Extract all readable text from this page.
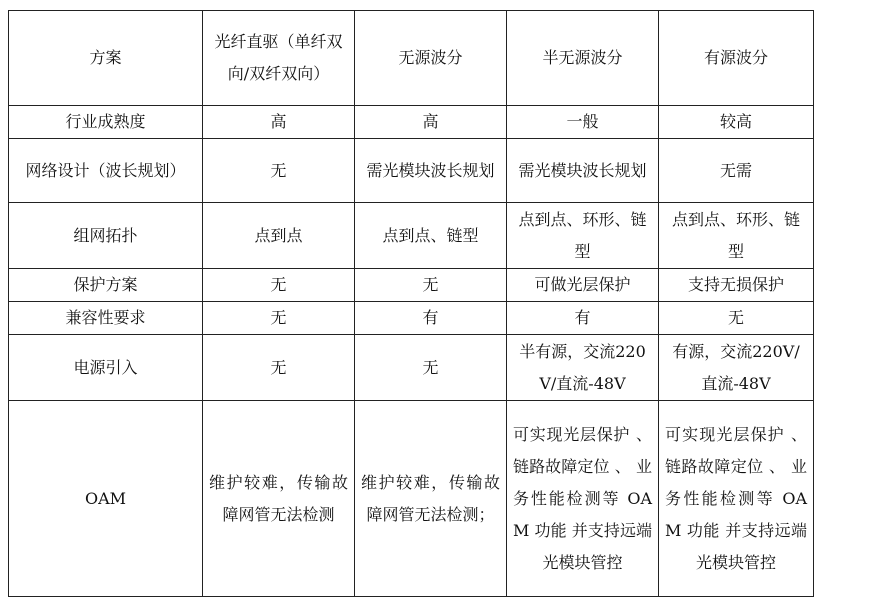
方案	光纤直驱（单纤双向/双纤双向）	无源波分	半无源波分	有源波分
行业成熟度	高	高	一般	较高
网络设计（波长规划）	无	需光模块波长规划	需光模块波长规划	无需
组网拓扑	点到点	点到点、链型	点到点、环形、链型	点到点、环形、链型
保护方案	无	无	可做光层保护	支持无损保护
兼容性要求	无	有	有	无
电源引入	无	无	半有源，交流220V/直流-48V	有源，交流220V/直流-48V
OAM	维护较难，传输故障网管无法检测	维护较难，传输故障网管无法检测；	可实现光层保护 、 链路故障定位 、 业务性能检测等 OAM 功能 并支持远端光模块管控	可实现光层保护 、 链路故障定位 、 业务性能检测等 OAM 功能 并支持远端光模块管控
